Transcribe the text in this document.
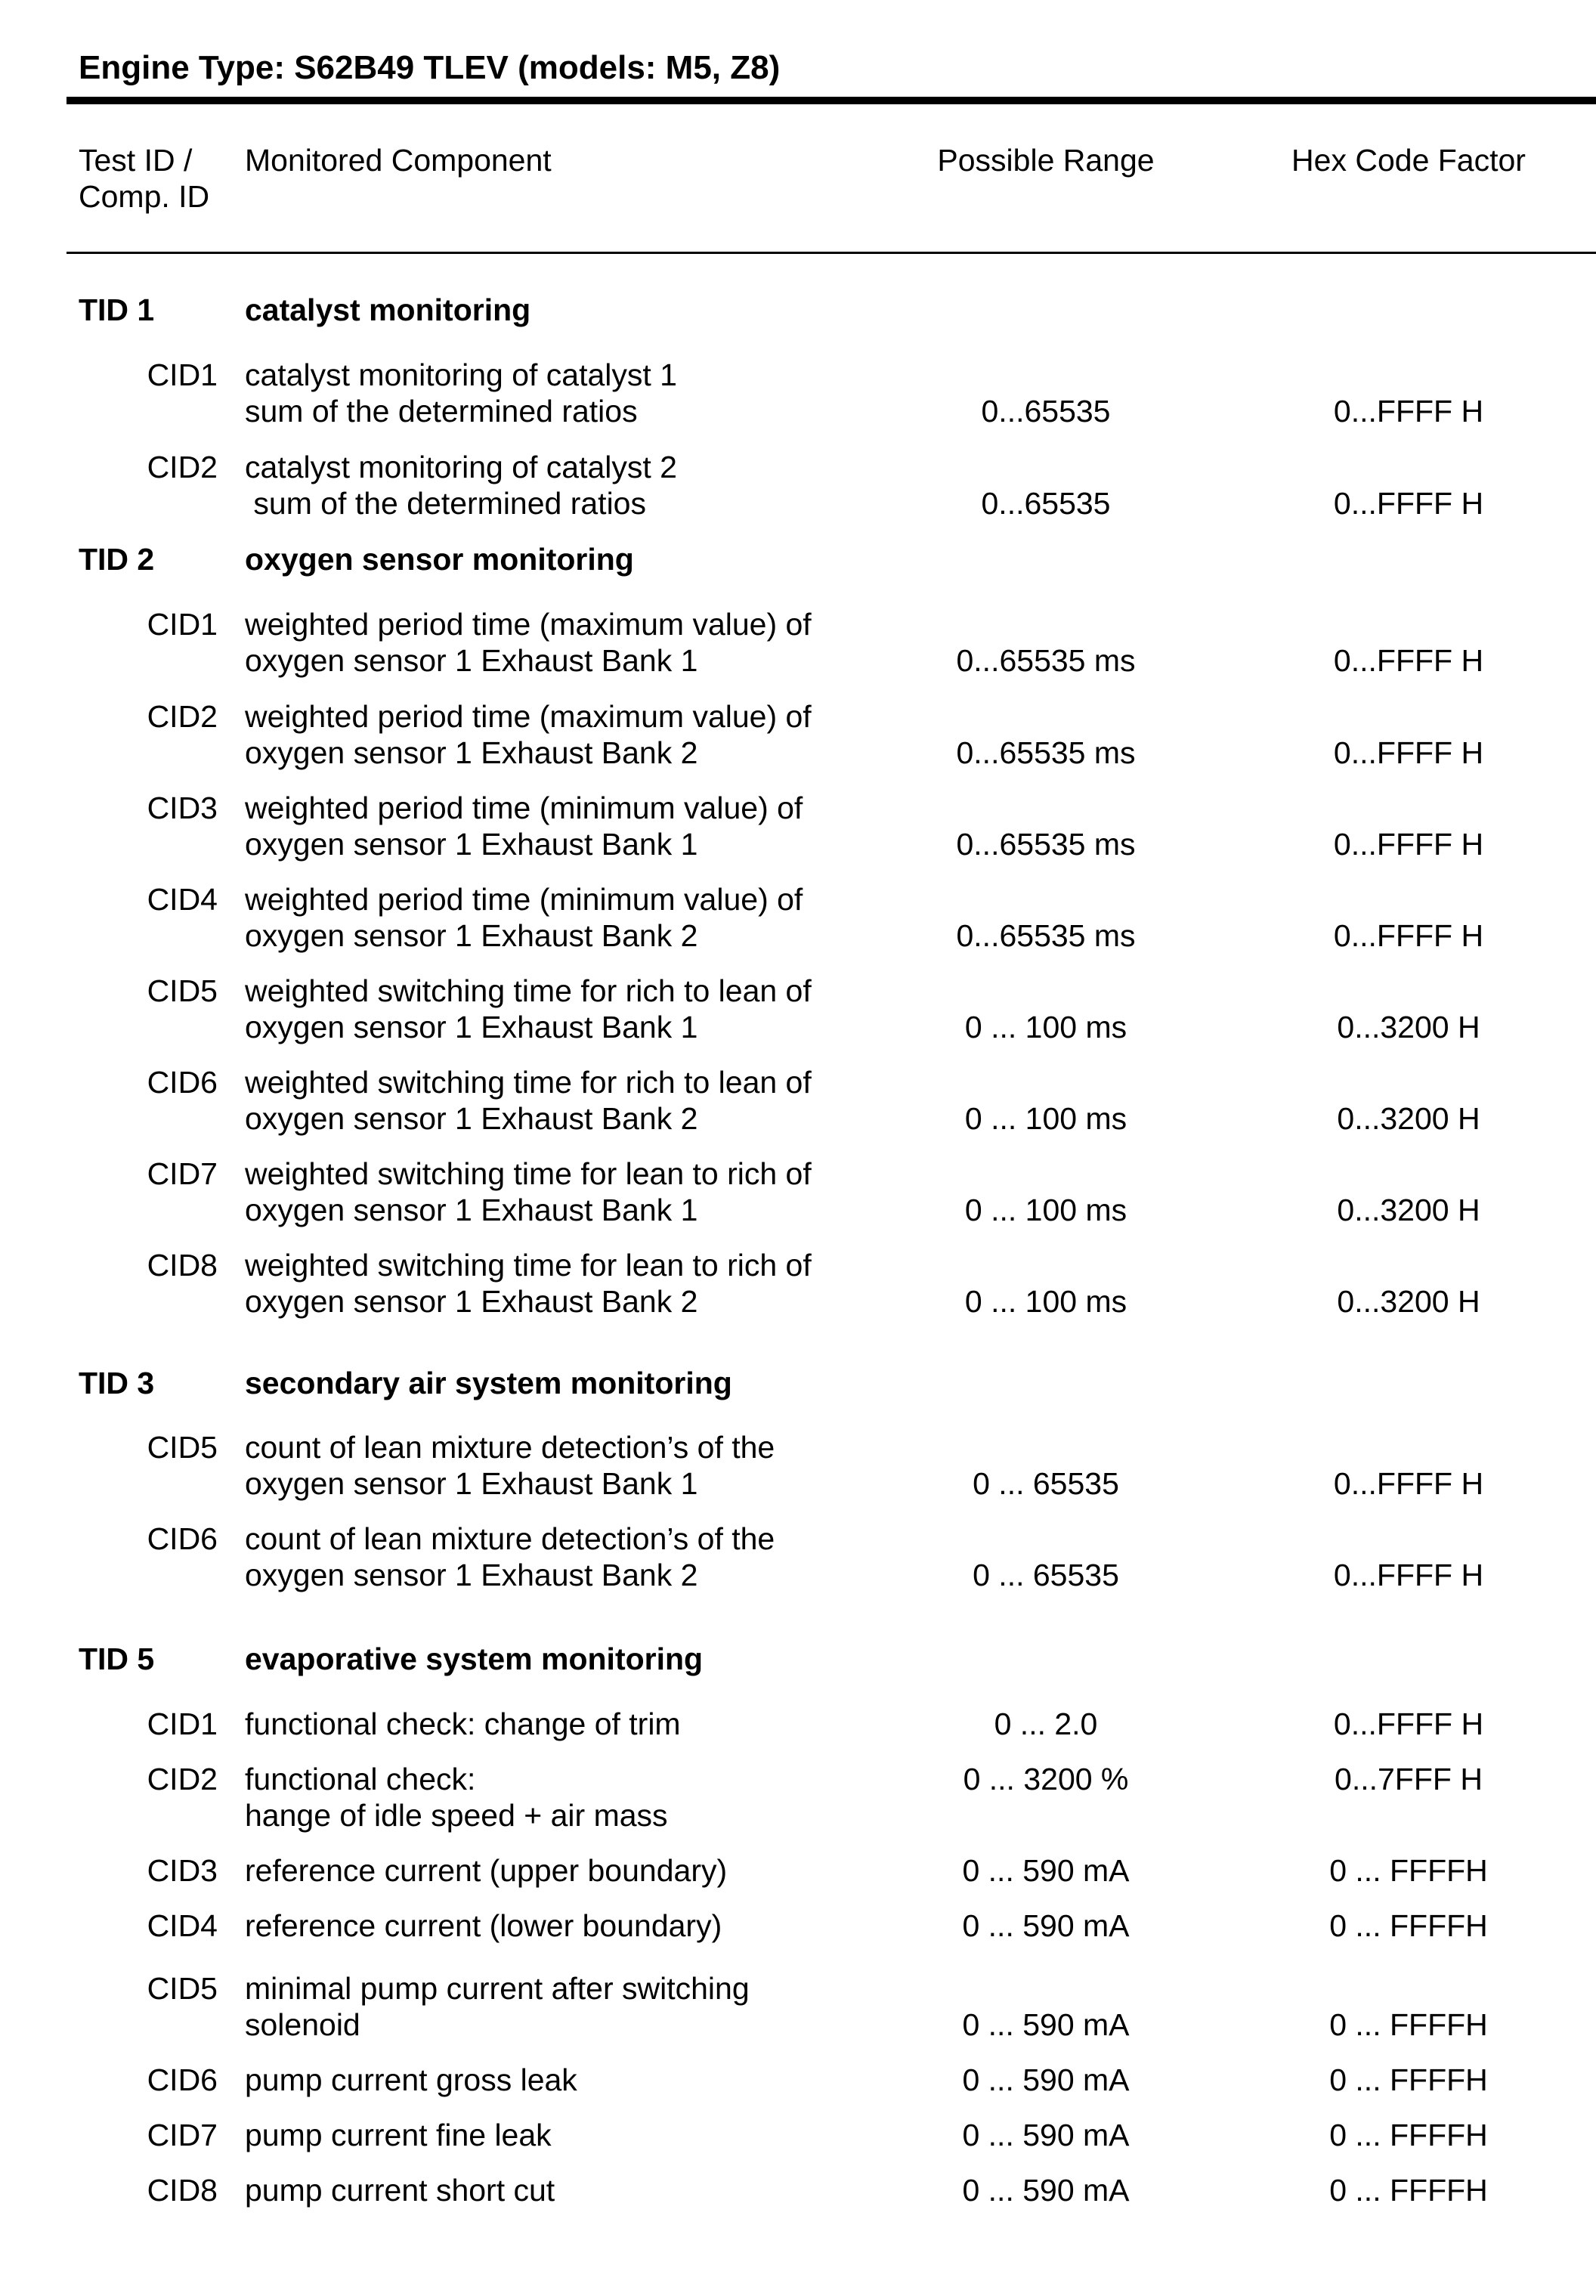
Engine Type: S62B49 TLEV (models: M5, Z8)
Test ID /
Comp. ID
Monitored Component	Possible Range	Hex Code Factor
TID 1	catalyst monitoring
CID1 catalyst monitoring of catalyst 1
sum of the determined ratios	0...65535	0...FFFF H
CID2 catalyst monitoring of catalyst 2
sum of the determined ratios	0...65535	0...FFFF H
TID 2	oxygen sensor monitoring
CID1 weighted period time (maximum value) of
oxygen sensor 1 Exhaust Bank 1	0...65535 ms	0...FFFF H
CID2 weighted period time (maximum value) of
oxygen sensor 1 Exhaust Bank 2	0...65535 ms	0...FFFF H
CID3 weighted period time (minimum value) of
oxygen sensor 1 Exhaust Bank 1	0...65535 ms	0...FFFF H
CID4 weighted period time (minimum value) of
oxygen sensor 1 Exhaust Bank 2	0...65535 ms	0...FFFF H
CID5 weighted switching time for rich to lean of
oxygen sensor 1 Exhaust Bank 1	0 ... 100 ms	0...3200 H
CID6 weighted switching time for rich to lean of
oxygen sensor 1 Exhaust Bank 2	0 ... 100 ms	0...3200 H
CID7 weighted switching time for lean to rich of
oxygen sensor 1 Exhaust Bank 1	0 ... 100 ms	0...3200 H
CID8 weighted switching time for lean to rich of
oxygen sensor 1 Exhaust Bank 2	0 ... 100 ms	0...3200 H
TID 3	secondary air system monitoring
CID5 count of lean mixture detection’s of the
oxygen sensor 1 Exhaust Bank 1	0 ... 65535	0...FFFF H
CID6 count of lean mixture detection’s of the
oxygen sensor 1 Exhaust Bank 2	0 ... 65535	0...FFFF H
TID 5	evaporative system monitoring
CID1 functional check: change of trim	0 ... 2.0	0...FFFF H
CID2 functional check:
hange of idle speed + air mass
0 ... 3200 %	0...7FFF H
CID3 reference current (upper boundary)	0 ... 590 mA	0 ... FFFFH
CID4 reference current (lower boundary)	0 ... 590 mA	0 ... FFFFH
CID5 minimal pump current after switching
solenoid	0 ... 590 mA	0 ... FFFFH
CID6 pump current gross leak	0 ... 590 mA	0 ... FFFFH
CID7 pump current fine leak	0 ... 590 mA	0 ... FFFFH
CID8 pump current short cut	0 ... 590 mA	0 ... FFFFH
